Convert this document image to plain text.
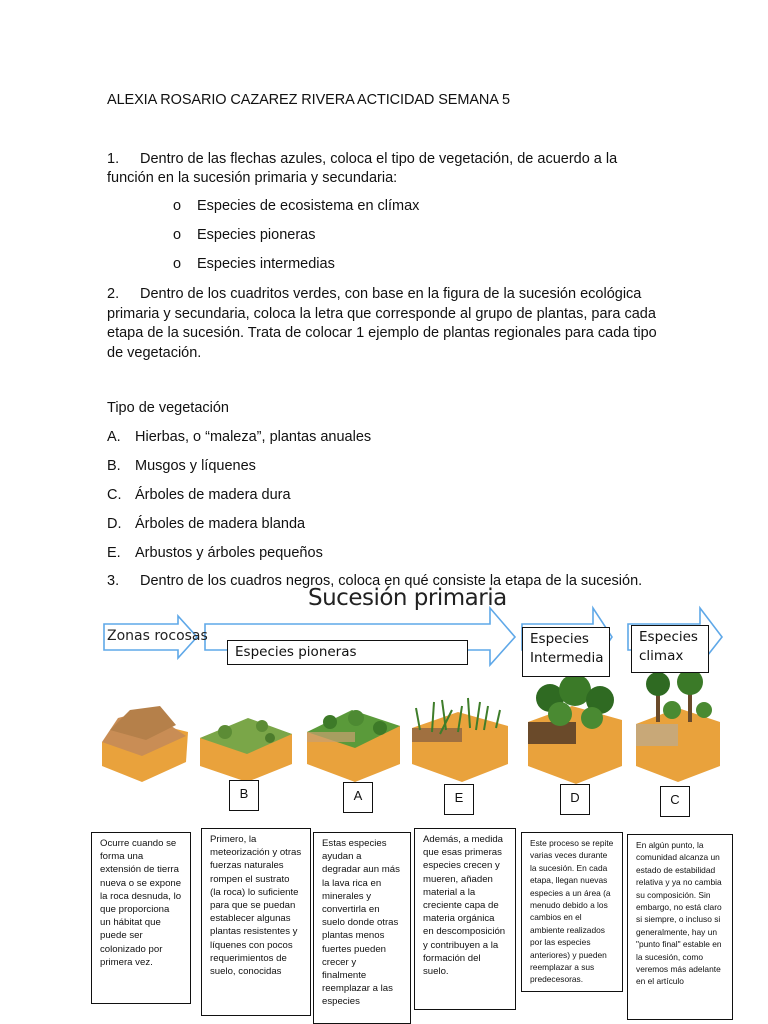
ALEXIA ROSARIO CAZAREZ RIVERA ACTICIDAD SEMANA 5
1. Dentro de las flechas azules, coloca el tipo de vegetación, de acuerdo a la función en la sucesión primaria y secundaria:
o Especies de ecosistema en clímax
o Especies pioneras
o Especies intermedias
2. Dentro de los cuadritos verdes, con base en la figura de la sucesión ecológica primaria y secundaria, coloca la letra que corresponde al grupo de plantas, para cada etapa de la sucesión. Trata de colocar 1 ejemplo de plantas regionales para cada tipo de vegetación.
Tipo de vegetación
A. Hierbas, o “maleza”, plantas anuales
B. Musgos y líquenes
C. Árboles de madera dura
D. Árboles de madera blanda
E. Arbustos y árboles pequeños
3. Dentro de los cuadros negros, coloca en qué consiste la etapa de la sucesión.
Sucesión primaria
Zonas rocosas
Especies pioneras
Especies Intermedia
Especies climax
B	A	E	D	C
Ocurre cuando se forma una extensión de tierra nueva o se expone la roca desnuda, lo que proporciona un hábitat que puede ser colonizado por primera vez.
Primero, la meteorización y otras fuerzas naturales rompen el sustrato (la roca) lo suficiente para que se puedan establecer algunas plantas resistentes y líquenes con pocos requerimientos de suelo, conocidas
Estas especies ayudan a degradar aun más la lava rica en minerales y convertirla en suelo donde otras plantas menos fuertes pueden crecer y finalmente reemplazar a las especies
Además, a medida que esas primeras especies crecen y mueren, añaden material a la creciente capa de materia orgánica en descomposición y contribuyen a la formación del suelo.
Este proceso se repite varias veces durante la sucesión. En cada etapa, llegan nuevas especies a un área (a menudo debido a los cambios en el ambiente realizados por las especies anteriores) y pueden reemplazar a sus predecesoras.
En algún punto, la comunidad alcanza un estado de estabilidad relativa y ya no cambia su composición. Sin embargo, no está claro si siempre, o incluso si generalmente, hay un "punto final" estable en la sucesión, como veremos más adelante en el artículo
